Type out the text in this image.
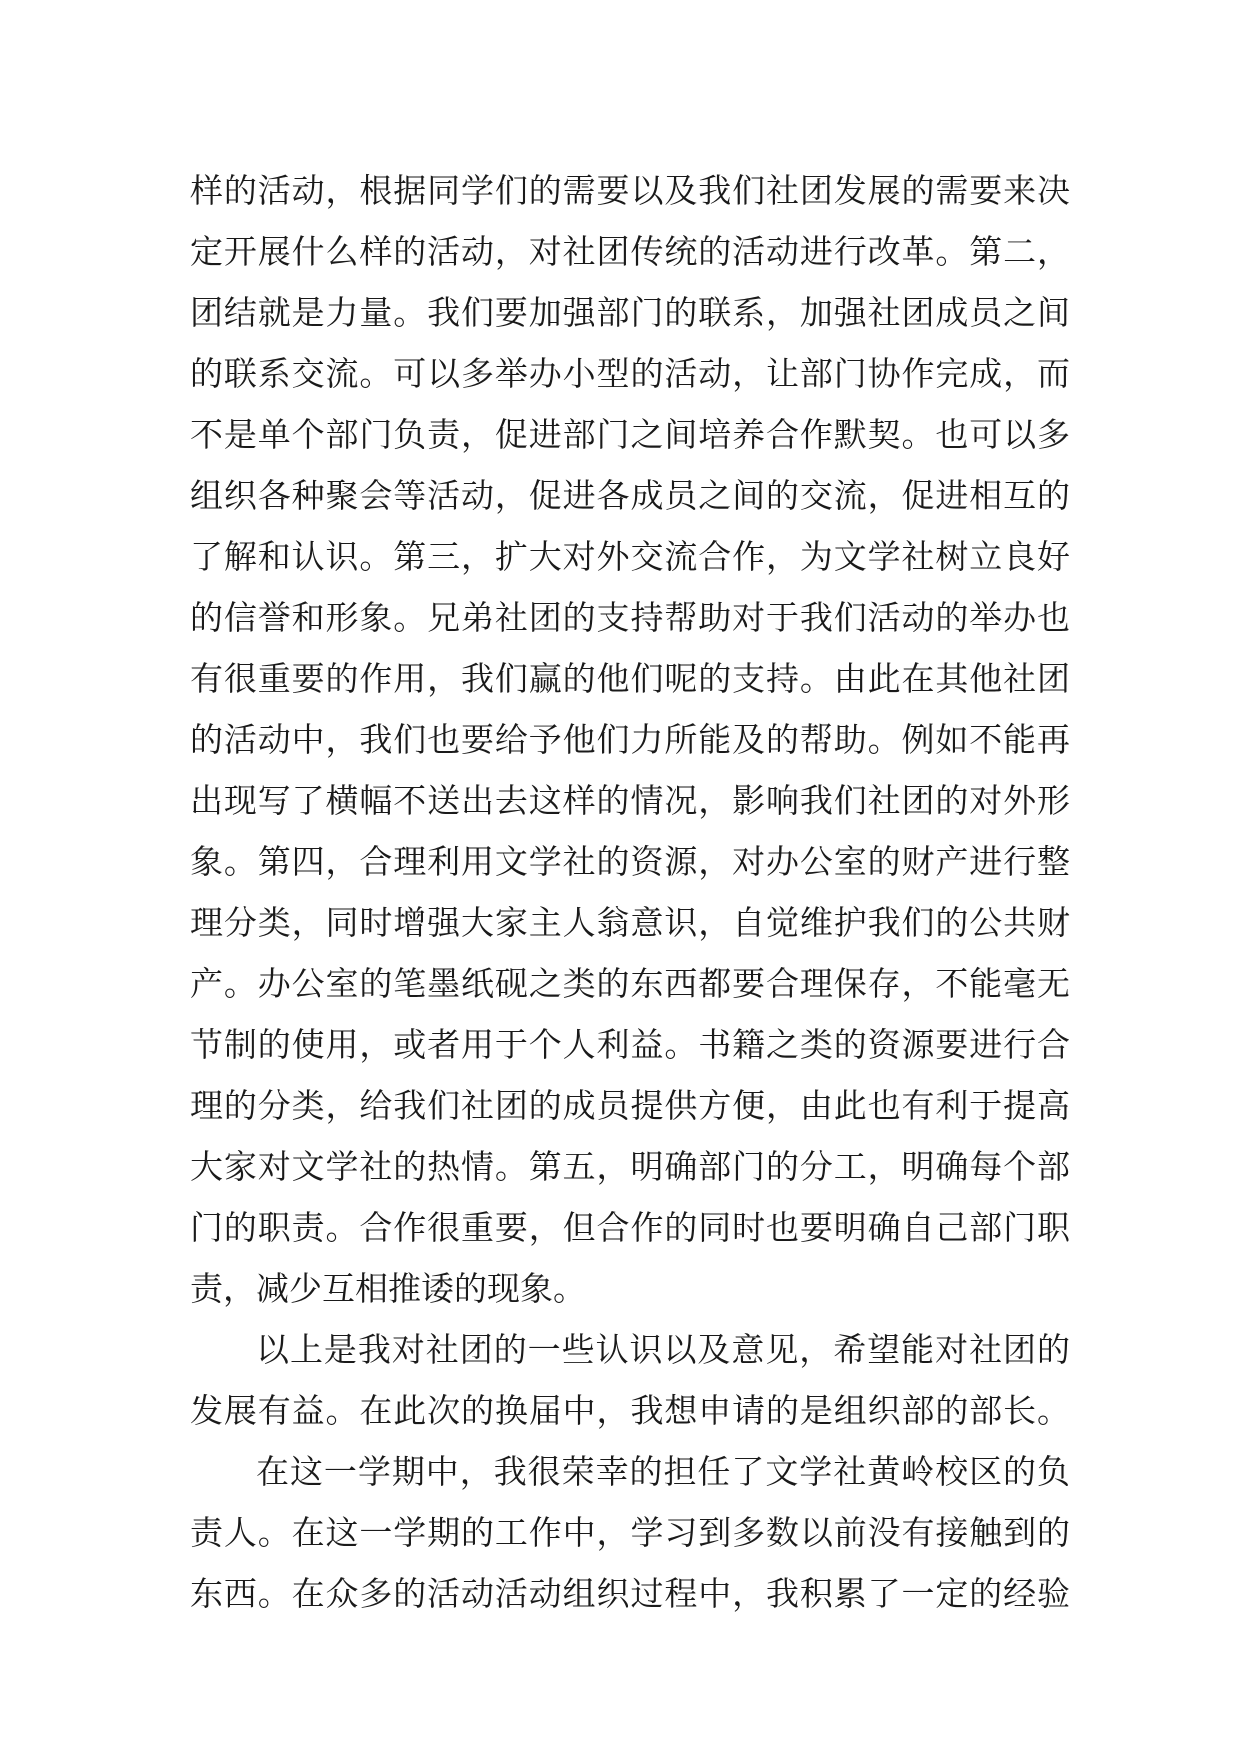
样的活动，根据同学们的需要以及我们社团发展的需要来决
定开展什么样的活动，对社团传统的活动进行改革。第二，
团结就是力量。我们要加强部门的联系，加强社团成员之间
的联系交流。可以多举办小型的活动，让部门协作完成，而
不是单个部门负责，促进部门之间培养合作默契。也可以多
组织各种聚会等活动，促进各成员之间的交流，促进相互的
了解和认识。第三，扩大对外交流合作，为文学社树立良好
的信誉和形象。兄弟社团的支持帮助对于我们活动的举办也
有很重要的作用，我们赢的他们呢的支持。由此在其他社团
的活动中，我们也要给予他们力所能及的帮助。例如不能再
出现写了横幅不送出去这样的情况，影响我们社团的对外形
象。第四，合理利用文学社的资源，对办公室的财产进行整
理分类，同时增强大家主人翁意识，自觉维护我们的公共财
产。办公室的笔墨纸砚之类的东西都要合理保存，不能毫无
节制的使用，或者用于个人利益。书籍之类的资源要进行合
理的分类，给我们社团的成员提供方便，由此也有利于提高
大家对文学社的热情。第五，明确部门的分工，明确每个部
门的职责。合作很重要，但合作的同时也要明确自己部门职
责，减少互相推诿的现象。
以上是我对社团的一些认识以及意见，希望能对社团的
发展有益。在此次的换届中，我想申请的是组织部的部长。
在这一学期中，我很荣幸的担任了文学社黄岭校区的负
责人。在这一学期的工作中，学习到多数以前没有接触到的
东西。在众多的活动活动组织过程中，我积累了一定的经验
